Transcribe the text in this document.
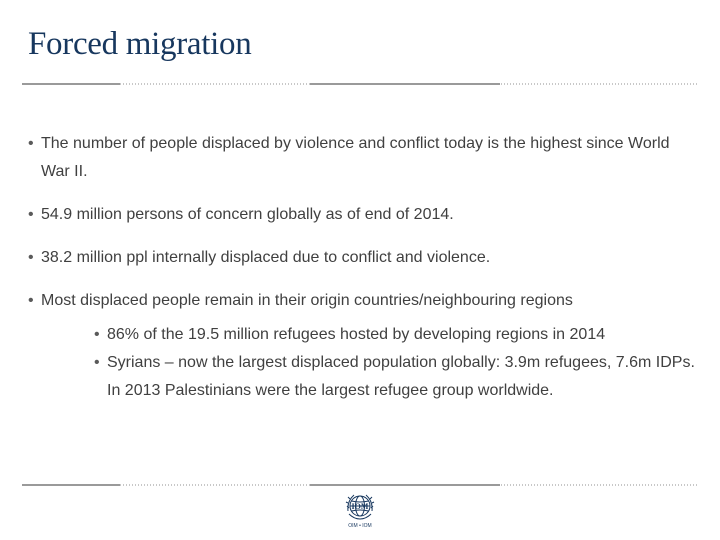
Forced migration
• The number of people displaced by violence and conflict today is the highest since World War II.
• 54.9 million persons of concern globally as of end of 2014.
• 38.2 million ppl internally displaced due to conflict and violence.
• Most displaced people remain in their origin countries/neighbouring regions
• 86% of the 19.5 million refugees hosted by developing regions in 2014
• Syrians – now the largest displaced population globally: 3.9m refugees, 7.6m IDPs. In 2013 Palestinians were the largest refugee group worldwide.
IOM
OIM • IOM
